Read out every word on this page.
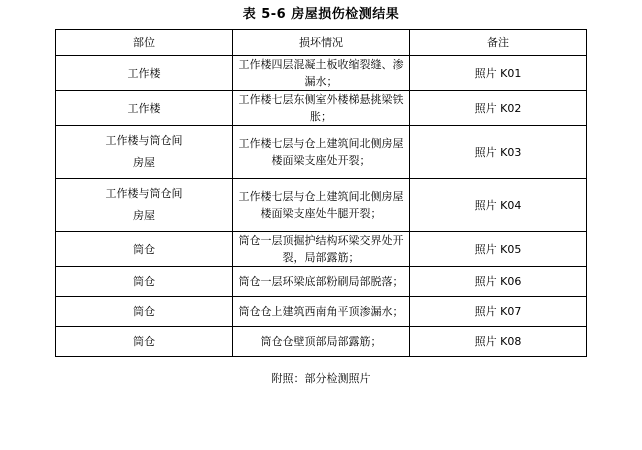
表 5-6 房屋损伤检测结果
部位	损坏情况	备注
工作楼	工作楼四层混凝土板收缩裂缝、渗漏水；	照片 K01
工作楼	工作楼七层东侧室外楼梯悬挑梁铁胀；	照片 K02

工作楼与筒仓间
房屋	工作楼七层与仓上建筑间北侧房屋楼面梁支座处开裂；	照片 K03

工作楼与筒仓间
房屋	工作楼七层与仓上建筑间北侧房屋楼面梁支座处牛腿开裂；	照片 K04
筒仓	筒仓一层顶掘护结构环梁交界处开裂，局部露筋；	照片 K05
筒仓	筒仓一层环梁底部粉刷局部脱落；	照片 K06
筒仓	筒仓仓上建筑西南角平顶渗漏水；	照片 K07
筒仓	筒仓仓壁顶部局部露筋；	照片 K08
附照：部分检测照片
